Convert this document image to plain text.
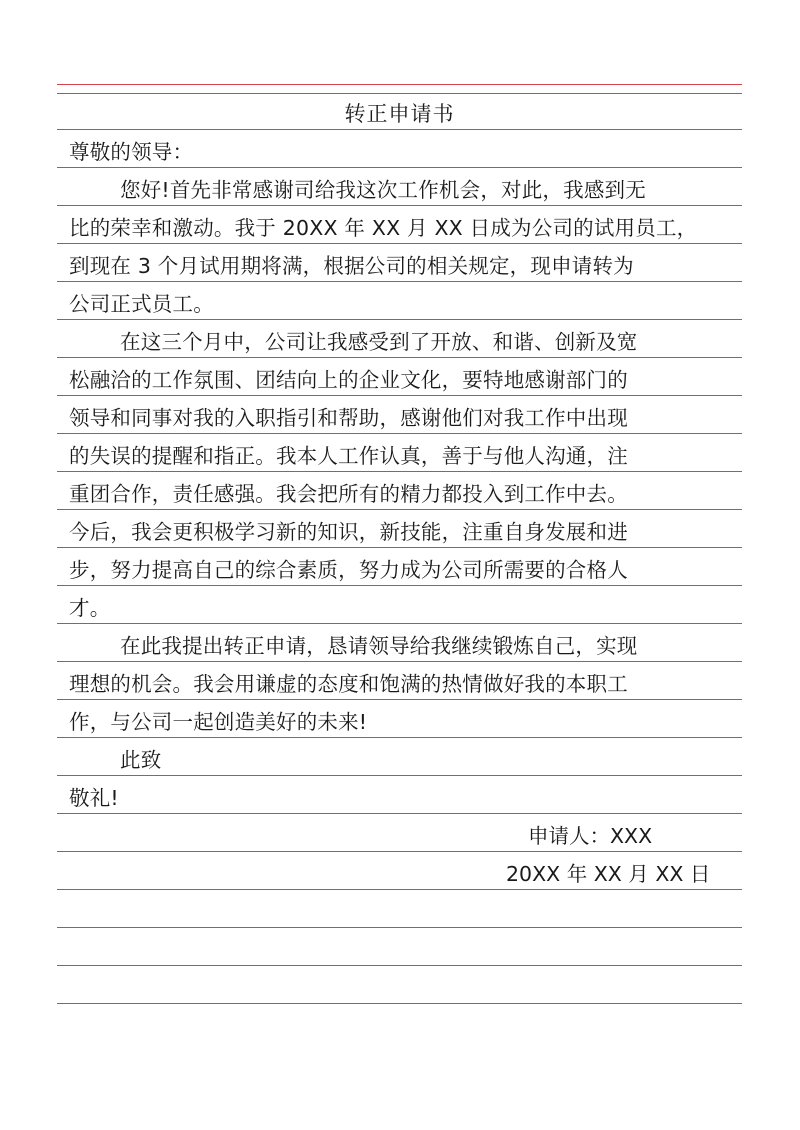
转正申请书
尊敬的领导：
您好!首先非常感谢司给我这次工作机会，对此，我感到无
比的荣幸和激动。我于 20XX 年 XX 月 XX 日成为公司的试用员工，
到现在 3 个月试用期将满，根据公司的相关规定，现申请转为
公司正式员工。
在这三个月中，公司让我感受到了开放、和谐、创新及宽
松融洽的工作氛围、团结向上的企业文化，要特地感谢部门的
领导和同事对我的入职指引和帮助，感谢他们对我工作中出现
的失误的提醒和指正。我本人工作认真，善于与他人沟通，注
重团合作，责任感强。我会把所有的精力都投入到工作中去。
今后，我会更积极学习新的知识，新技能，注重自身发展和进
步，努力提高自己的综合素质，努力成为公司所需要的合格人
才。
在此我提出转正申请，恳请领导给我继续锻炼自己，实现
理想的机会。我会用谦虚的态度和饱满的热情做好我的本职工
作，与公司一起创造美好的未来!
此致
敬礼!
申请人：XXX
20XX 年 XX 月 XX 日
